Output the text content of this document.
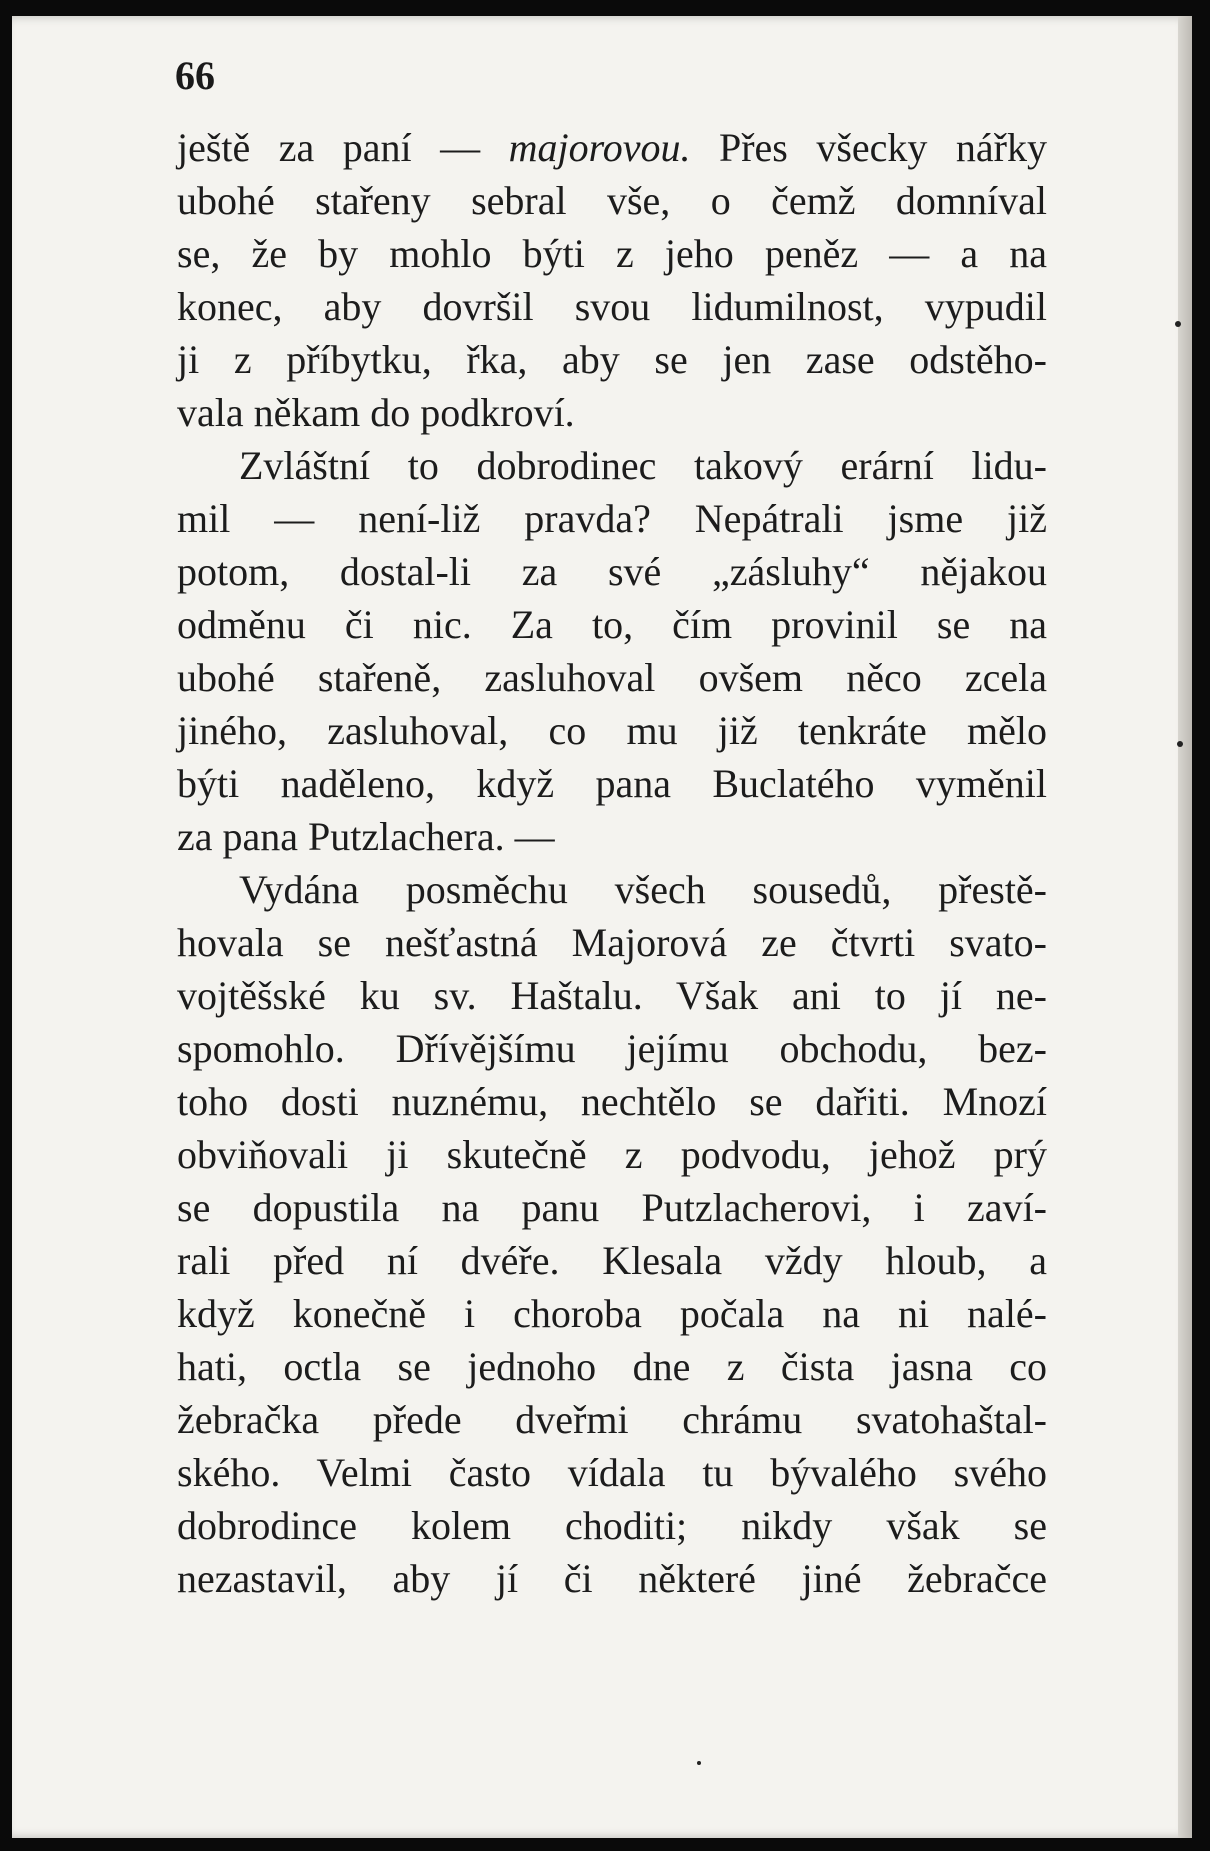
66
ještě za paní — majorovou. Přes všecky nářky
ubohé stařeny sebral vše, o čemž domníval
se, že by mohlo býti z jeho peněz — a na
konec, aby dovršil svou lidumilnost, vypudil
ji z příbytku, řka, aby se jen zase odstěho-
vala někam do podkroví.
Zvláštní to dobrodinec takový erární lidu-
mil — není-liž pravda? Nepátrali jsme již
potom, dostal-li za své „zásluhy“ nějakou
odměnu či nic. Za to, čím provinil se na
ubohé stařeně, zasluhoval ovšem něco zcela
jiného, zasluhoval, co mu již tenkráte mělo
býti naděleno, když pana Buclatého vyměnil
za pana Putzlachera. —
Vydána posměchu všech sousedů, přestě-
hovala se nešťastná Majorová ze čtvrti svato-
vojtěšské ku sv. Haštalu. Však ani to jí ne-
spomohlo. Dřívějšímu jejímu obchodu, bez-
toho dosti nuznému, nechtělo se dařiti. Mnozí
obviňovali ji skutečně z podvodu, jehož prý
se dopustila na panu Putzlacherovi, i zaví-
rali před ní dvéře. Klesala vždy hloub, a
když konečně i choroba počala na ni nalé-
hati, octla se jednoho dne z čista jasna co
žebračka přede dveřmi chrámu svatohaštal-
ského. Velmi často vídala tu bývalého svého
dobrodince kolem choditi; nikdy však se
nezastavil, aby jí či některé jiné žebračce
